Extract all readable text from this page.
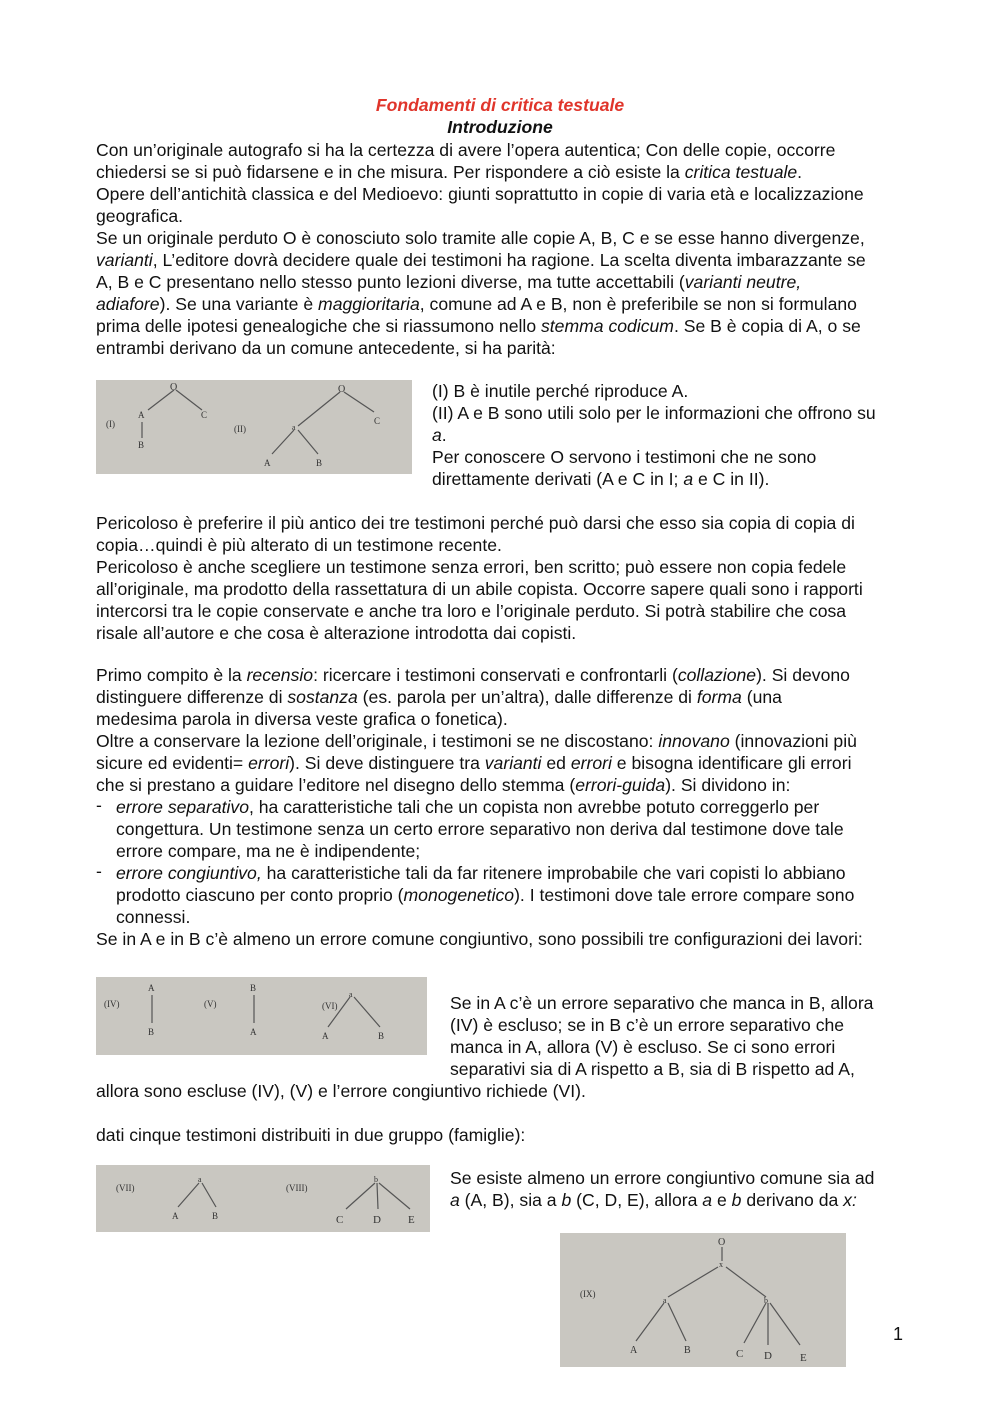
Fondamenti di critica testuale
Introduzione
Con un’originale autografo si ha la certezza di avere l’opera autentica; Con delle copie, occorre
chiedersi se si può fidarsene e in che misura. Per rispondere a ciò esiste la critica testuale.
Opere dell’antichità classica e del Medioevo: giunti soprattutto in copie di varia età e localizzazione
geografica.
Se un originale perduto O è conosciuto solo tramite alle copie A, B, C e se esse hanno divergenze,
varianti, L’editore dovrà decidere quale dei testimoni ha ragione. La scelta diventa imbarazzante se
A, B e C presentano nello stesso punto lezioni diverse, ma tutte accettabili (varianti neutre,
adiafore). Se una variante è maggioritaria, comune ad A e B, non è preferibile se non si formulano
prima delle ipotesi genealogiche che si riassumono nello stemma codicum. Se B è copia di A, o se
entrambi derivano da un comune antecedente, si ha parità:
(I)
O
A
B
C
(II)
O
a
C
A	B
(I) B è inutile perché riproduce A.
(II) A e B sono utili solo per le informazioni che offrono su
a.
Per conoscere O servono i testimoni che ne sono
direttamente derivati (A e C in I; a e C in II).
Pericoloso è preferire il più antico dei tre testimoni perché può darsi che esso sia copia di copia di
copia…quindi è più alterato di un testimone recente.
Pericoloso è anche scegliere un testimone senza errori, ben scritto; può essere non copia fedele
all’originale, ma prodotto della rassettatura di un abile copista. Occorre sapere quali sono i rapporti
intercorsi tra le copie conservate e anche tra loro e l’originale perduto. Si potrà stabilire che cosa
risale all’autore e che cosa è alterazione introdotta dai copisti.
Primo compito è la recensio: ricercare i testimoni conservati e confrontarli (collazione). Si devono
distinguere differenze di sostanza (es. parola per un’altra), dalle differenze di forma (una
medesima parola in diversa veste grafica o fonetica).
Oltre a conservare la lezione dell’originale, i testimoni se ne discostano: innovano (innovazioni più
sicure ed evidenti= errori). Si deve distinguere tra varianti ed errori e bisogna identificare gli errori
che si prestano a guidare l’editore nel disegno dello stemma (errori-guida). Si dividono in:
- errore separativo, ha caratteristiche tali che un copista non avrebbe potuto correggerlo per
congettura. Un testimone senza un certo errore separativo non deriva dal testimone dove tale
errore compare, ma ne è indipendente;
- errore congiuntivo, ha caratteristiche tali da far ritenere improbabile che vari copisti lo abbiano
prodotto ciascuno per conto proprio (monogenetico). I testimoni dove tale errore compare sono
connessi.
Se in A e in B c’è almeno un errore comune congiuntivo, sono possibili tre configurazioni dei lavori:
(IV)
A
B
(V)
B
A
(VI)
a
A	B
Se in A c’è un errore separativo che manca in B, allora
(IV) è escluso; se in B c’è un errore separativo che
manca in A, allora (V) è escluso. Se ci sono errori
separativi sia di A rispetto a B, sia di B rispetto ad A,
allora sono escluse (IV), (V) e l’errore congiuntivo richiede (VI).
dati cinque testimoni distribuiti in due gruppo (famiglie):
(VII)
a
A	B
(VIII)
b
C	D E
Se esiste almeno un errore congiuntivo comune sia ad
a (A, B), sia a b (C, D, E), allora a e b derivano da x:
(IX)
O
x
a	b
A	B	C D	E
1
